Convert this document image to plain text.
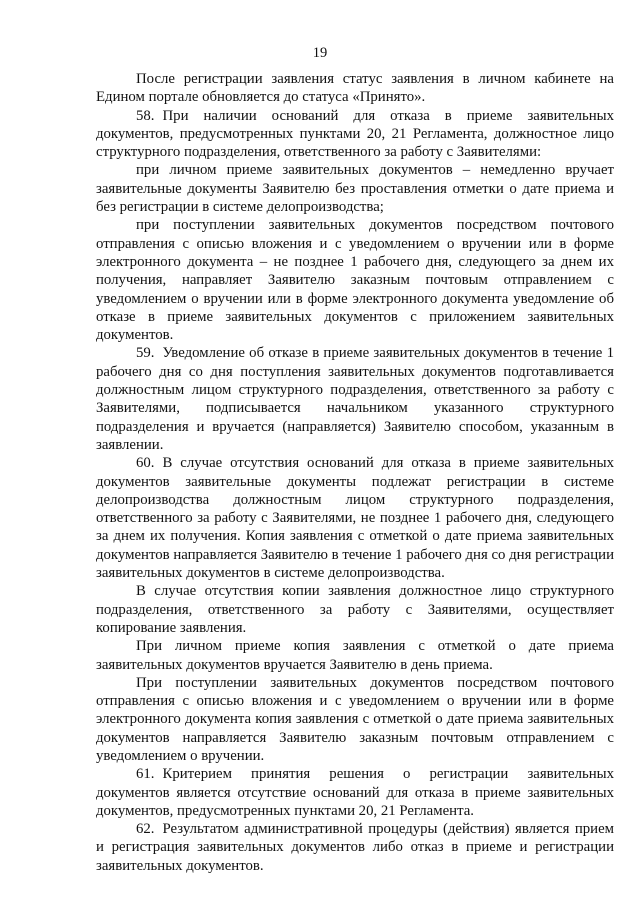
19

После регистрации заявления статус заявления в личном кабинете на Едином портале обновляется до статуса «Принято».

58. При наличии оснований для отказа в приеме заявительных документов, предусмотренных пунктами 20, 21 Регламента, должностное лицо структурного подразделения, ответственного за работу с Заявителями:

при личном приеме заявительных документов – немедленно вручает заявительные документы Заявителю без проставления отметки о дате приема и без регистрации в системе делопроизводства;

при поступлении заявительных документов посредством почтового отправления с описью вложения и с уведомлением о вручении или в форме электронного документа – не позднее 1 рабочего дня, следующего за днем их получения, направляет Заявителю заказным почтовым отправлением с уведомлением о вручении или в форме электронного документа уведомление об отказе в приеме заявительных документов с приложением заявительных документов.

59. Уведомление об отказе в приеме заявительных документов в течение 1 рабочего дня со дня поступления заявительных документов подготавливается должностным лицом структурного подразделения, ответственного за работу с Заявителями, подписывается начальником указанного структурного подразделения и вручается (направляется) Заявителю способом, указанным в заявлении.

60. В случае отсутствия оснований для отказа в приеме заявительных документов заявительные документы подлежат регистрации в системе делопроизводства должностным лицом структурного подразделения, ответственного за работу с Заявителями, не позднее 1 рабочего дня, следующего за днем их получения. Копия заявления с отметкой о дате приема заявительных документов направляется Заявителю в течение 1 рабочего дня со дня регистрации заявительных документов в системе делопроизводства.

В случае отсутствия копии заявления должностное лицо структурного подразделения, ответственного за работу с Заявителями, осуществляет копирование заявления.

При личном приеме копия заявления с отметкой о дате приема заявительных документов вручается Заявителю в день приема.

При поступлении заявительных документов посредством почтового отправления с описью вложения и с уведомлением о вручении или в форме электронного документа копия заявления с отметкой о дате приема заявительных документов направляется Заявителю заказным почтовым отправлением с уведомлением о вручении.

61. Критерием принятия решения о регистрации заявительных документов является отсутствие оснований для отказа в приеме заявительных документов, предусмотренных пунктами 20, 21 Регламента.

62. Результатом административной процедуры (действия) является прием и регистрация заявительных документов либо отказ в приеме и регистрации заявительных документов.
